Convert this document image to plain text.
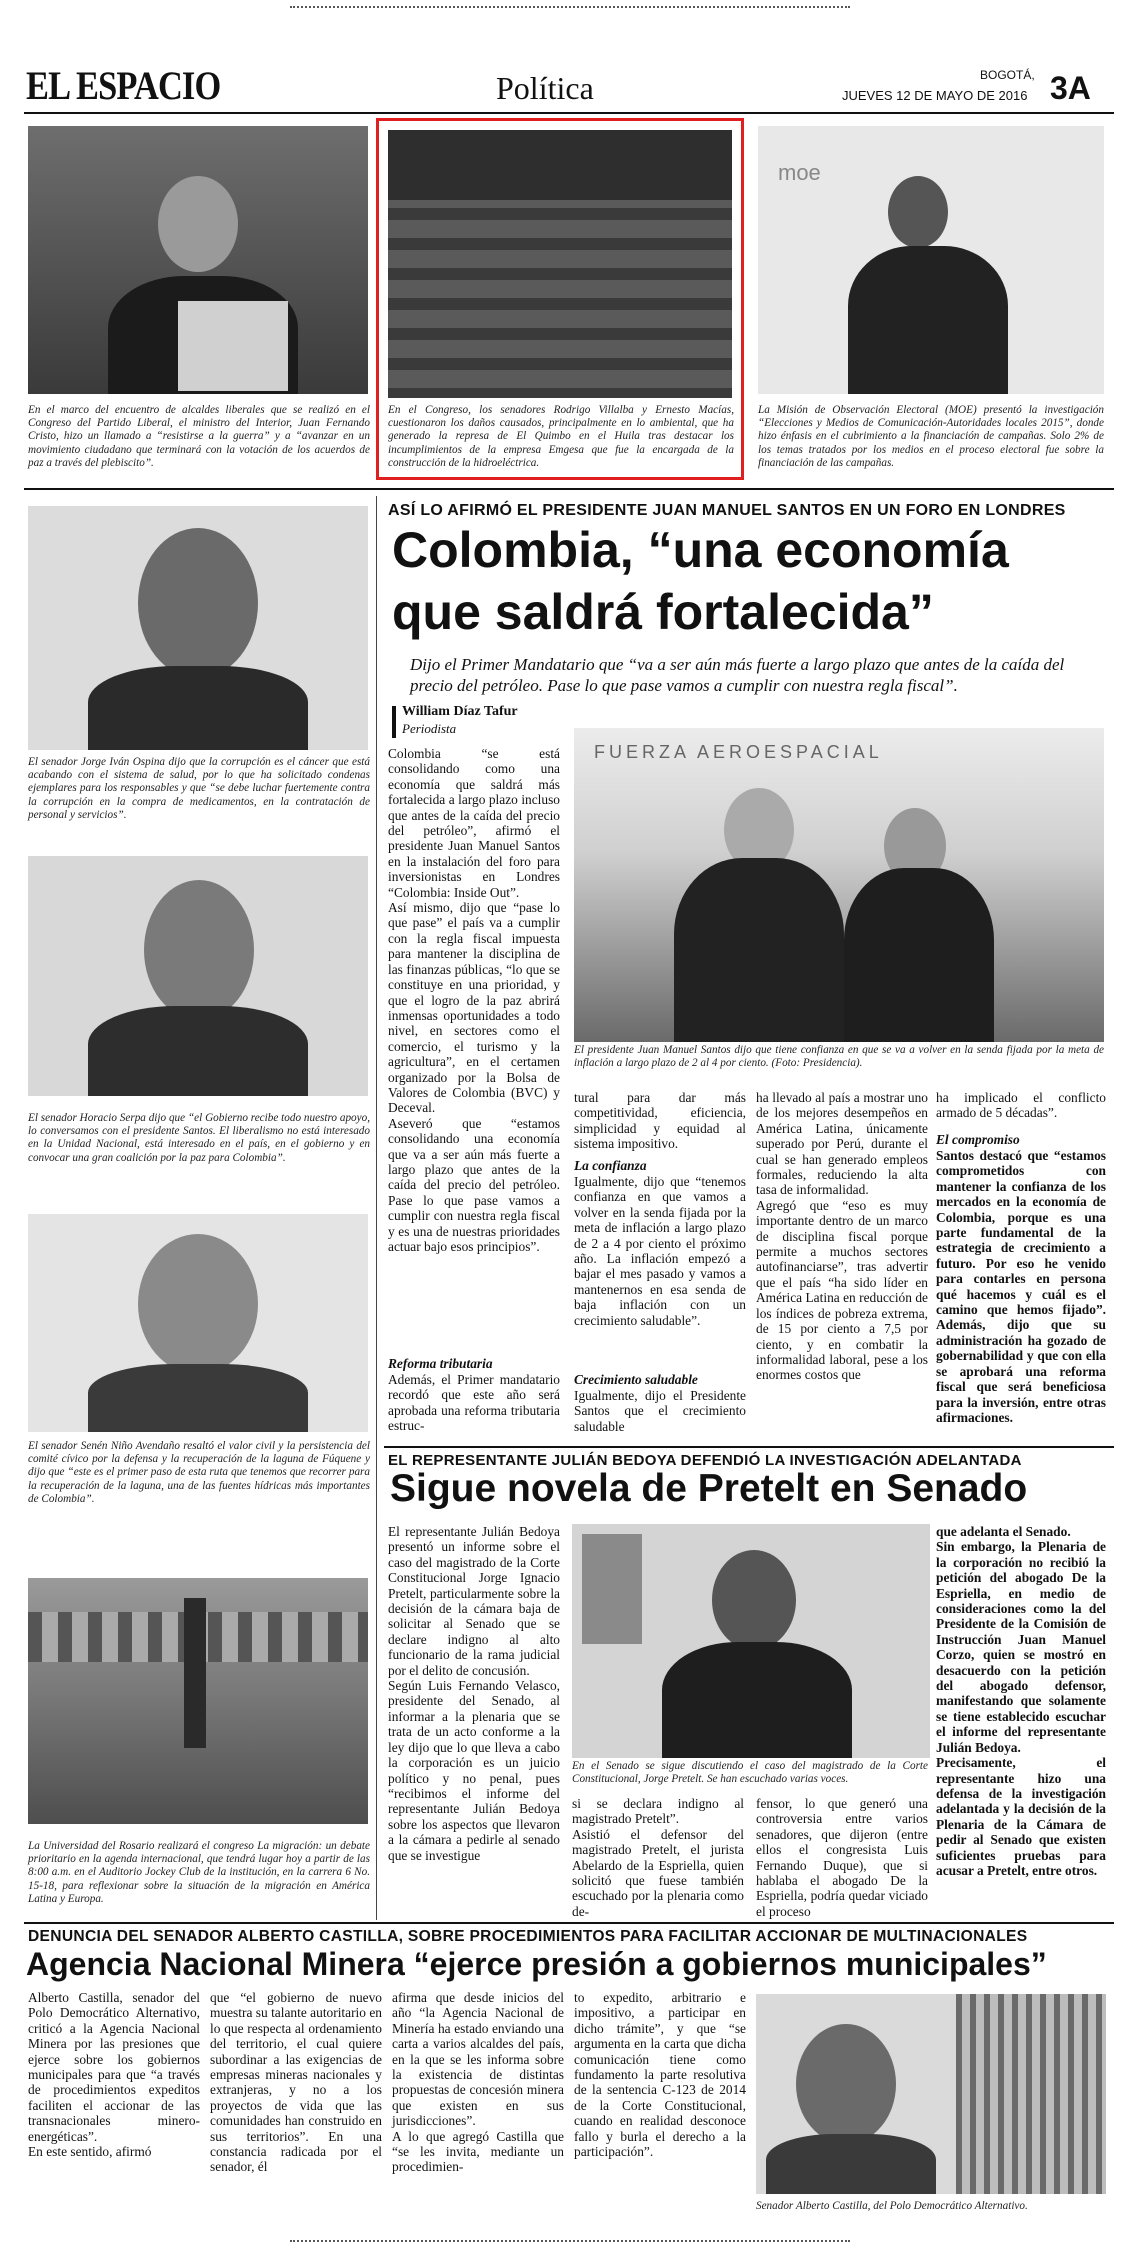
EL ESPACIO	Política	BOGOTÁ,
JUEVES 12 DE MAYO DE 2016 3A
En el marco del encuentro de alcaldes liberales que se realizó en el Congreso del Partido Liberal, el ministro del Interior, Juan Fernando Cristo, hizo un llamado a “resistirse a la guerra” y a “avanzar en un movimiento ciudadano que terminará con la votación de los acuerdos de paz a través del plebiscito”.
En el Congreso, los senadores Rodrigo Villalba y Ernesto Macías, cuestionaron los daños causados, principalmente en lo ambiental, que ha generado la represa de El Quimbo en el Huila tras destacar los incumplimientos de la empresa Emgesa que fue la encargada de la construcción de la hidroeléctrica.
moe
La Misión de Observación Electoral (MOE) presentó la investigación “Elecciones y Medios de Comunicación-Autoridades locales 2015”, donde hizo énfasis en el cubrimiento a la financiación de campañas. Solo 2% de los temas tratados por los medios en el proceso electoral fue sobre la financiación de las campañas.
El senador Jorge Iván Ospina dijo que la corrupción es el cáncer que está acabando con el sistema de salud, por lo que ha solicitado condenas ejemplares para los responsables y que “se debe luchar fuertemente contra la corrupción en la compra de medicamentos, en la contratación de personal y servicios”.
El senador Horacio Serpa dijo que “el Gobierno recibe todo nuestro apoyo, lo conversamos con el presidente Santos. El liberalismo no está interesado en la Unidad Nacional, está interesado en el país, en el gobierno y en convocar una gran coalición por la paz para Colombia”.
El senador Senén Niño Avendaño resaltó el valor civil y la persistencia del comité cívico por la defensa y la recuperación de la laguna de Fúquene y dijo que “este es el primer paso de esta ruta que tenemos que recorrer para la recuperación de la laguna, una de las fuentes hídricas más importantes de Colombia”.
La Universidad del Rosario realizará el congreso La migración: un debate prioritario en la agenda internacional, que tendrá lugar hoy a partir de las 8:00 a.m. en el Auditorio Jockey Club de la institución, en la carrera 6 No. 15-18, para reflexionar sobre la situación de la migración en América Latina y Europa.
ASÍ LO AFIRMÓ EL PRESIDENTE JUAN MANUEL SANTOS EN UN FORO EN LONDRES
Colombia, “una economía
que saldrá fortalecida”
Dijo el Primer Mandatario que “va a ser aún más fuerte a largo plazo que antes de la caída del precio del petróleo. Pase lo que pase vamos a cumplir con nuestra regla fiscal”.
William Díaz Tafur
Periodista
Colombia “se está consolidando como una economía que saldrá más fortalecida a largo plazo incluso que antes de la caída del precio del petróleo”, afirmó el presidente Juan Manuel Santos en la instalación del foro para inversionistas en Londres “Colombia: Inside Out”.
Así mismo, dijo que “pase lo que pase” el país va a cumplir con la regla fiscal impuesta para mantener la disciplina de las finanzas públicas, “lo que se constituye en una prioridad, y que el logro de la paz abrirá inmensas oportunidades a todo nivel, en sectores como el comercio, el turismo y la agricultura”, en el certamen organizado por la Bolsa de Valores de Colombia (BVC) y Deceval.
Aseveró que “estamos consolidando una economía que va a ser aún más fuerte a largo plazo que antes de la caída del precio del petróleo. Pase lo que pase vamos a cumplir con nuestra regla fiscal y es una de nuestras prioridades actuar bajo esos principios”.
Reforma tributaria
Además, el Primer mandatario recordó que este año será aprobada una reforma tributaria estruc-
FUERZA AEROESPACIAL
El presidente Juan Manuel Santos dijo que tiene confianza en que se va a volver en la senda fijada por la meta de inflación a largo plazo de 2 al 4 por ciento. (Foto: Presidencia).
tural para dar más competitividad, eficiencia, simplicidad y equidad al sistema impositivo.
La confianza
Igualmente, dijo que “tenemos confianza en que vamos a volver en la senda fijada por la meta de inflación a largo plazo de 2 a 4 por ciento el próximo año. La inflación empezó a bajar el mes pasado y vamos a mantenernos en esa senda de baja inflación con un crecimiento saludable”.
Crecimiento saludable
Igualmente, dijo el Presidente Santos que el crecimiento saludable
ha llevado al país a mostrar uno de los mejores desempeños en América Latina, únicamente superado por Perú, durante el cual se han generado empleos formales, reduciendo la alta tasa de informalidad.
Agregó que “eso es muy importante dentro de un marco de disciplina fiscal porque permite a muchos sectores autofinanciarse”, tras advertir que el país “ha sido líder en América Latina en reducción de los índices de pobreza extrema, de 15 por ciento a 7,5 por ciento, y en combatir la informalidad laboral, pese a los enormes costos que
ha implicado el conflicto armado de 5 décadas”.
El compromiso
Santos destacó que “estamos comprometidos con mantener la confianza de los mercados en la economía de Colombia, porque es una parte fundamental de la estrategia de crecimiento a futuro. Por eso he venido para contarles en persona qué hacemos y cuál es el camino que hemos fijado”. Además, dijo que su administración ha gozado de gobernabilidad y que con ella se aprobará una reforma fiscal que será beneficiosa para la inversión, entre otras afirmaciones.
EL REPRESENTANTE JULIÁN BEDOYA DEFENDIÓ LA INVESTIGACIÓN ADELANTADA
Sigue novela de Pretelt en Senado
El representante Julián Bedoya presentó un informe sobre el caso del magistrado de la Corte Constitucional Jorge Ignacio Pretelt, particularmente sobre la decisión de la cámara baja de solicitar al Senado que se declare indigno al alto funcionario de la rama judicial por el delito de concusión.
Según Luis Fernando Velasco, presidente del Senado, al informar a la plenaria que se trata de un acto conforme a la ley dijo que lo que lleva a cabo la corporación es un juicio político y no penal, pues “recibimos el informe del representante Julián Bedoya sobre los aspectos que llevaron a la cámara a pedirle al senado que se investigue
En el Senado se sigue discutiendo el caso del magistrado de la Corte Constitucional, Jorge Pretelt. Se han escuchado varias voces.
si se declara indigno al magistrado Pretelt”.
Asistió el defensor del magistrado Pretelt, el jurista Abelardo de la Espriella, quien solicitó que fuese también escuchado por la plenaria como de-
fensor, lo que generó una controversia entre varios senadores, que dijeron (entre ellos el congresista Luis Fernando Duque), que si hablaba el abogado De la Espriella, podría quedar viciado el proceso
que adelanta el Senado.
Sin embargo, la Plenaria de la corporación no recibió la petición del abogado De la Espriella, en medio de consideraciones como la del Presidente de la Comisión de Instrucción Juan Manuel Corzo, quien se mostró en desacuerdo con la petición del abogado defensor, manifestando que solamente se tiene establecido escuchar el informe del representante Julián Bedoya.
Precisamente, el representante hizo una defensa de la investigación adelantada y la decisión de la Plenaria de la Cámara de pedir al Senado que existen suficientes pruebas para acusar a Pretelt, entre otros.
DENUNCIA DEL SENADOR ALBERTO CASTILLA, SOBRE PROCEDIMIENTOS PARA FACILITAR ACCIONAR DE MULTINACIONALES
Agencia Nacional Minera “ejerce presión a gobiernos municipales”
Alberto Castilla, senador del Polo Democrático Alternativo, criticó a la Agencia Nacional Minera por las presiones que ejerce sobre los gobiernos municipales para que “a través de procedimientos expeditos faciliten el accionar de las transnacionales minero-energéticas”.
En este sentido, afirmó
que “el gobierno de nuevo muestra su talante autoritario en lo que respecta al ordenamiento del territorio, el cual quiere subordinar a las exigencias de empresas mineras nacionales y extranjeras, y no a los proyectos de vida que las comunidades han construido en sus territorios”. En una constancia radicada por el senador, él
afirma que desde inicios del año “la Agencia Nacional de Minería ha estado enviando una carta a varios alcaldes del país, en la que se les informa sobre la existencia de distintas propuestas de concesión minera que existen en sus jurisdicciones”.
A lo que agregó Castilla que “se les invita, mediante un procedimien-
to expedito, arbitrario e impositivo, a participar en dicho trámite”, y que “se argumenta en la carta que dicha comunicación tiene como fundamento la parte resolutiva de la sentencia C-123 de 2014 de la Corte Constitucional, cuando en realidad desconoce fallo y burla el derecho a la participación”.
Senador Alberto Castilla, del Polo Democrático Alternativo.
